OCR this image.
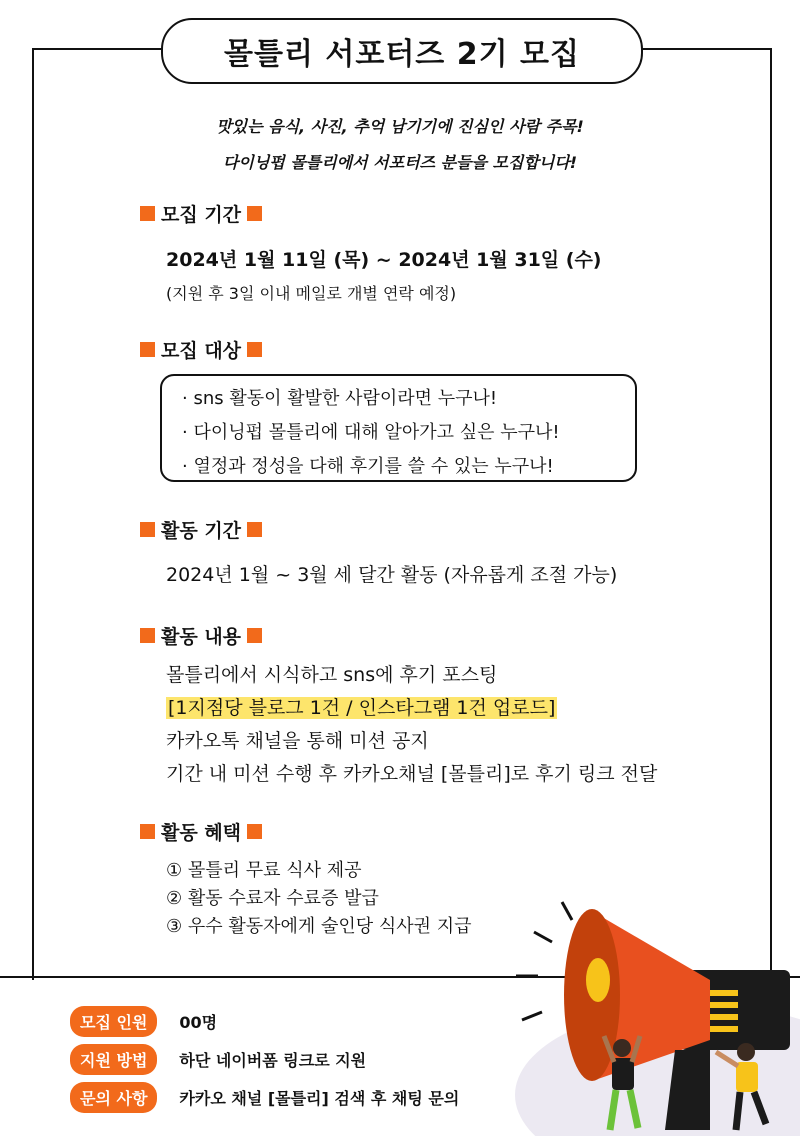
몰틀리 서포터즈 2기 모집
맛있는 음식, 사진, 추억 남기기에 진심인 사람 주목!
다이닝펍 몰틀리에서 서포터즈 분들을 모집합니다!
모집 기간
2024년 1월 11일 (목) ~ 2024년 1월 31일 (수)
(지원 후 3일 이내 메일로 개별 연락 예정)
모집 대상
· sns 활동이 활발한 사람이라면 누구나!
· 다이닝펍 몰틀리에 대해 알아가고 싶은 누구나!
· 열정과 정성을 다해 후기를 쓸 수 있는 누구나!
활동 기간
2024년 1월 ~ 3월 세 달간 활동 (자유롭게 조절 가능)
활동 내용
몰틀리에서 시식하고 sns에 후기 포스팅
[1지점당 블로그 1건 / 인스타그램 1건 업로드]
카카오톡 채널을 통해 미션 공지
기간 내 미션 수행 후 카카오채널 [몰틀리]로 후기 링크 전달
활동 혜택
① 몰틀리 무료 식사 제공
② 활동 수료자 수료증 발급
③ 우수 활동자에게 술인당 식사권 지급
모집 인원	00명
지원 방법	하단 네이버폼 링크로 지원
문의 사항	카카오 채널 [몰틀리] 검색 후 채팅 문의
